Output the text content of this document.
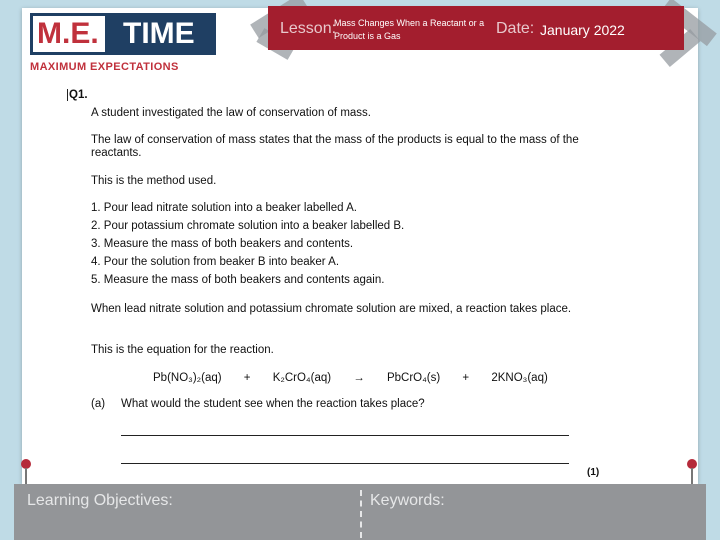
M.E. TIME
MAXIMUM EXPECTATIONS
Lesson:
Mass Changes When a Reactant or a Product is a Gas	Date: January 2022
Q1.
A student investigated the law of conservation of mass.
The law of conservation of mass states that the mass of the products is equal to the mass of the reactants.
This is the method used.
1. Pour lead nitrate solution into a beaker labelled A.
2. Pour potassium chromate solution into a beaker labelled B.
3. Measure the mass of both beakers and contents.
4. Pour the solution from beaker B into beaker A.
5. Measure the mass of both beakers and contents again.
When lead nitrate solution and potassium chromate solution are mixed, a reaction takes place.
This is the equation for the reaction.
Pb(NO₃)₂(aq) + K₂CrO₄(aq) → PbCrO₄(s) + 2KNO₃(aq)
(a) What would the student see when the reaction takes place?
(1)
Learning Objectives:	Keywords:
